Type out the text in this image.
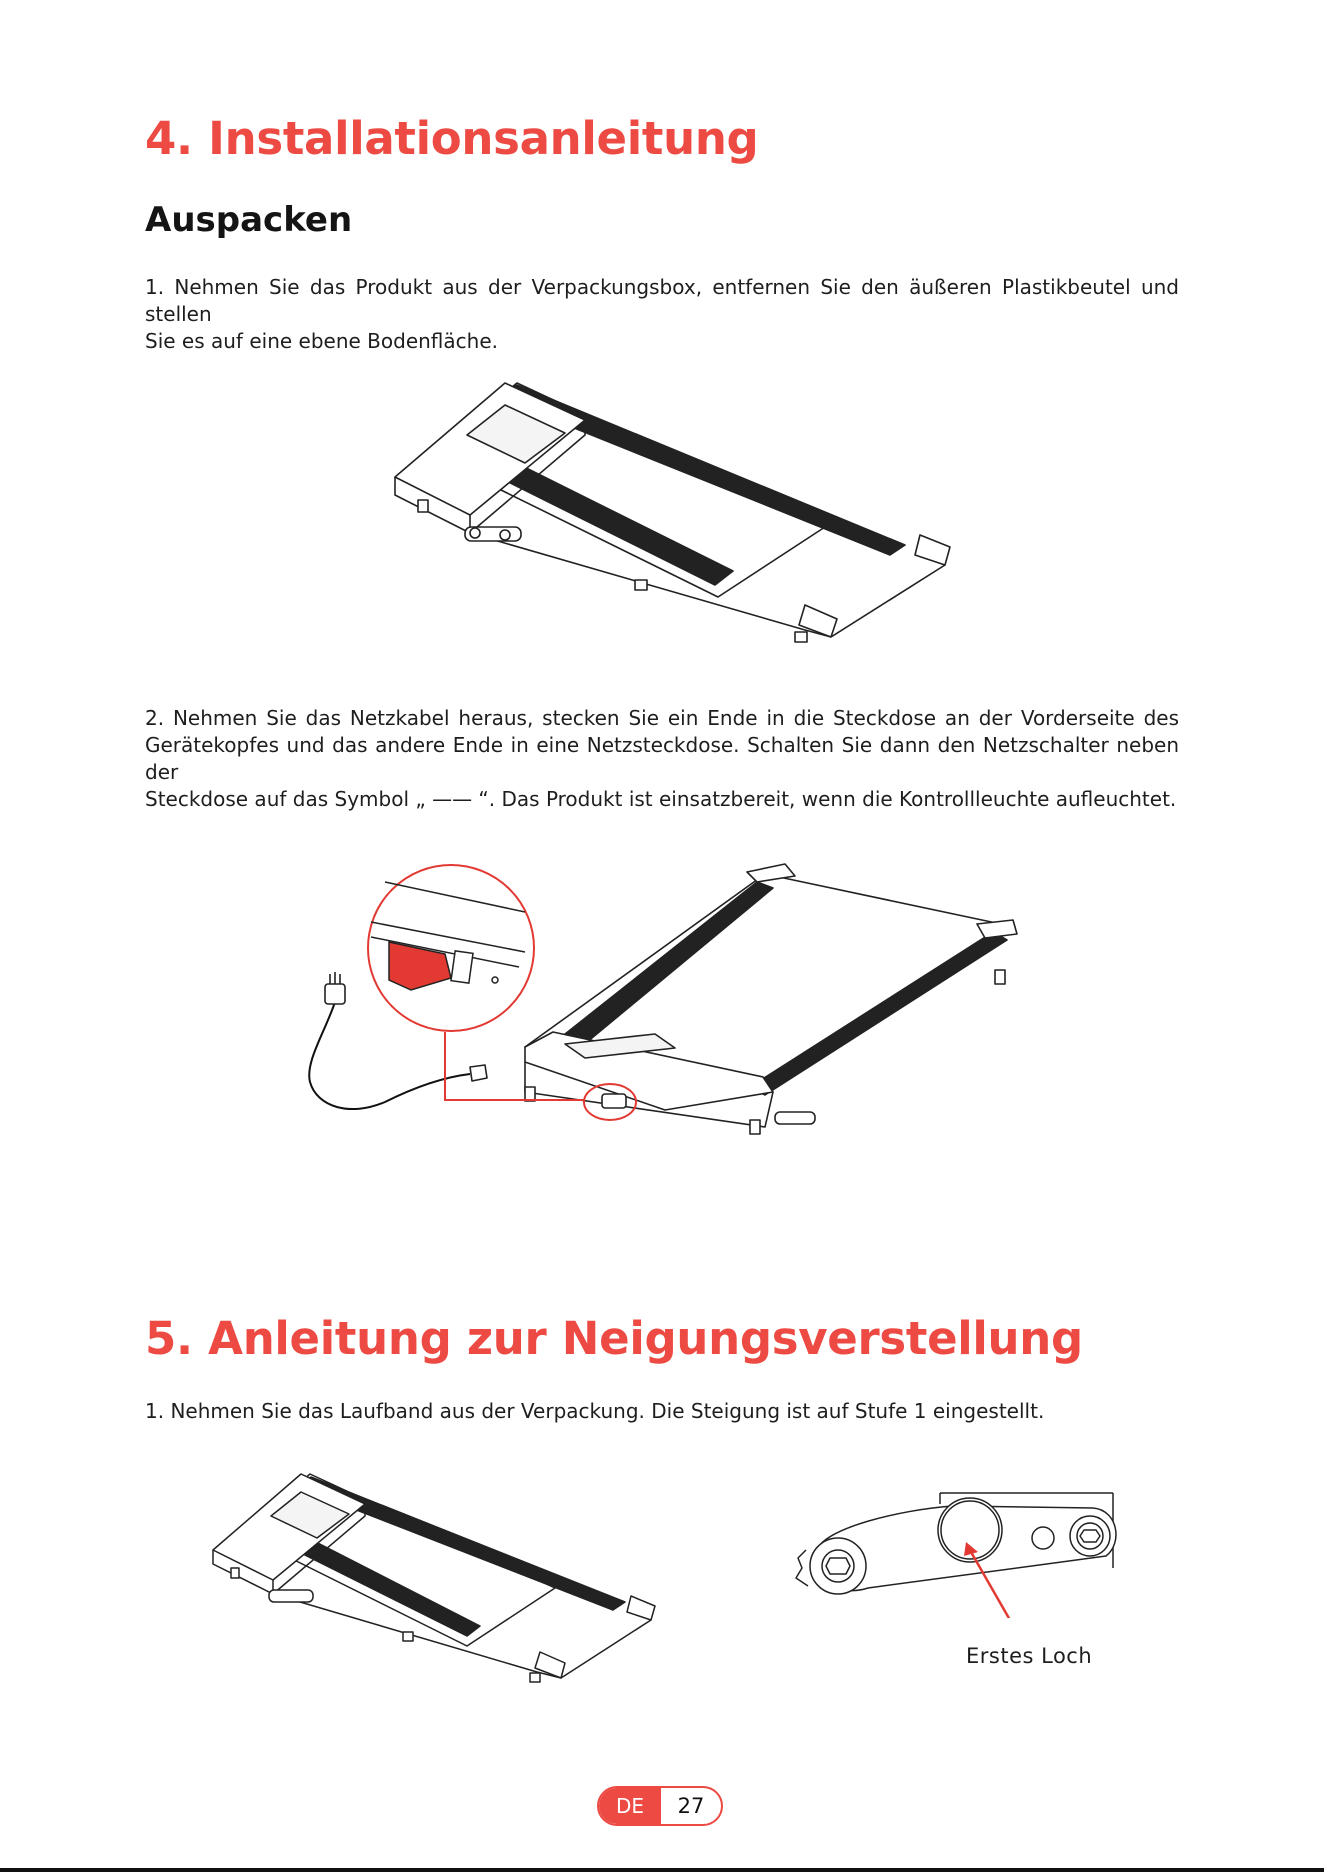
4. Installationsanleitung
Auspacken
1. Nehmen Sie das Produkt aus der Verpackungsbox, entfernen Sie den äußeren Plastikbeutel und stellen
Sie es auf eine ebene Bodenfläche.
2. Nehmen Sie das Netzkabel heraus, stecken Sie ein Ende in die Steckdose an der Vorderseite des
Gerätekopfes und das andere Ende in eine Netzsteckdose. Schalten Sie dann den Netzschalter neben der
Steckdose auf das Symbol „ —— “. Das Produkt ist einsatzbereit, wenn die Kontrollleuchte aufleuchtet.
5. Anleitung zur Neigungsverstellung
1. Nehmen Sie das Laufband aus der Verpackung. Die Steigung ist auf Stufe 1 eingestellt.
Erstes Loch
DE	27
